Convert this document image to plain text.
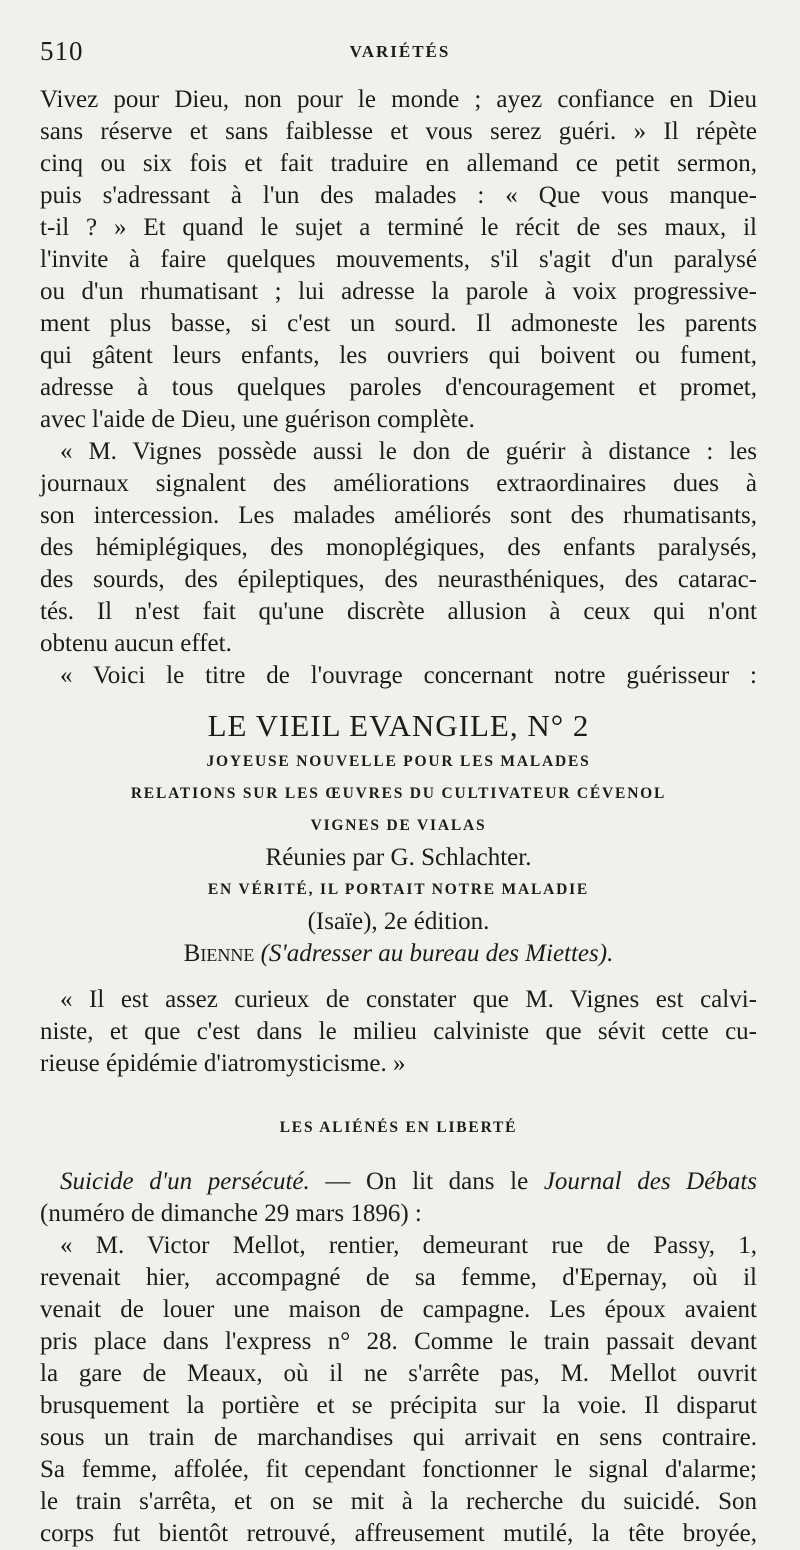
510	VARIÉTÉS
Vivez pour Dieu, non pour le monde ; ayez confiance en Dieu
sans réserve et sans faiblesse et vous serez guéri. » Il répète
cinq ou six fois et fait traduire en allemand ce petit sermon,
puis s'adressant à l'un des malades : « Que vous manque-
t-il ? » Et quand le sujet a terminé le récit de ses maux, il
l'invite à faire quelques mouvements, s'il s'agit d'un paralysé
ou d'un rhumatisant ; lui adresse la parole à voix progressive-
ment plus basse, si c'est un sourd. Il admoneste les parents
qui gâtent leurs enfants, les ouvriers qui boivent ou fument,
adresse à tous quelques paroles d'encouragement et promet,
avec l'aide de Dieu, une guérison complète.
« M. Vignes possède aussi le don de guérir à distance : les
journaux signalent des améliorations extraordinaires dues à
son intercession. Les malades améliorés sont des rhumatisants,
des hémiplégiques, des monoplégiques, des enfants paralysés,
des sourds, des épileptiques, des neurasthéniques, des catarac-
tés. Il n'est fait qu'une discrète allusion à ceux qui n'ont
obtenu aucun effet.
« Voici le titre de l'ouvrage concernant notre guérisseur :
LE VIEIL EVANGILE, N° 2
JOYEUSE NOUVELLE POUR LES MALADES
RELATIONS SUR LES ŒUVRES DU CULTIVATEUR CÉVENOL
VIGNES DE VIALAS
Réunies par G. Schlachter.
EN VÉRITÉ, IL PORTAIT NOTRE MALADIE
(Isaïe), 2e édition.
Bienne (S'adresser au bureau des Miettes).
« Il est assez curieux de constater que M. Vignes est calvi-
niste, et que c'est dans le milieu calviniste que sévit cette cu-
rieuse épidémie d'iatromysticisme. »
LES ALIÉNÉS EN LIBERTÉ
Suicide d'un persécuté. — On lit dans le Journal des Débats
(numéro de dimanche 29 mars 1896) :
« M. Victor Mellot, rentier, demeurant rue de Passy, 1,
revenait hier, accompagné de sa femme, d'Epernay, où il
venait de louer une maison de campagne. Les époux avaient
pris place dans l'express n° 28. Comme le train passait devant
la gare de Meaux, où il ne s'arrête pas, M. Mellot ouvrit
brusquement la portière et se précipita sur la voie. Il disparut
sous un train de marchandises qui arrivait en sens contraire.
Sa femme, affolée, fit cependant fonctionner le signal d'alarme;
le train s'arrêta, et on se mit à la recherche du suicidé. Son
corps fut bientôt retrouvé, affreusement mutilé, la tête broyée,
